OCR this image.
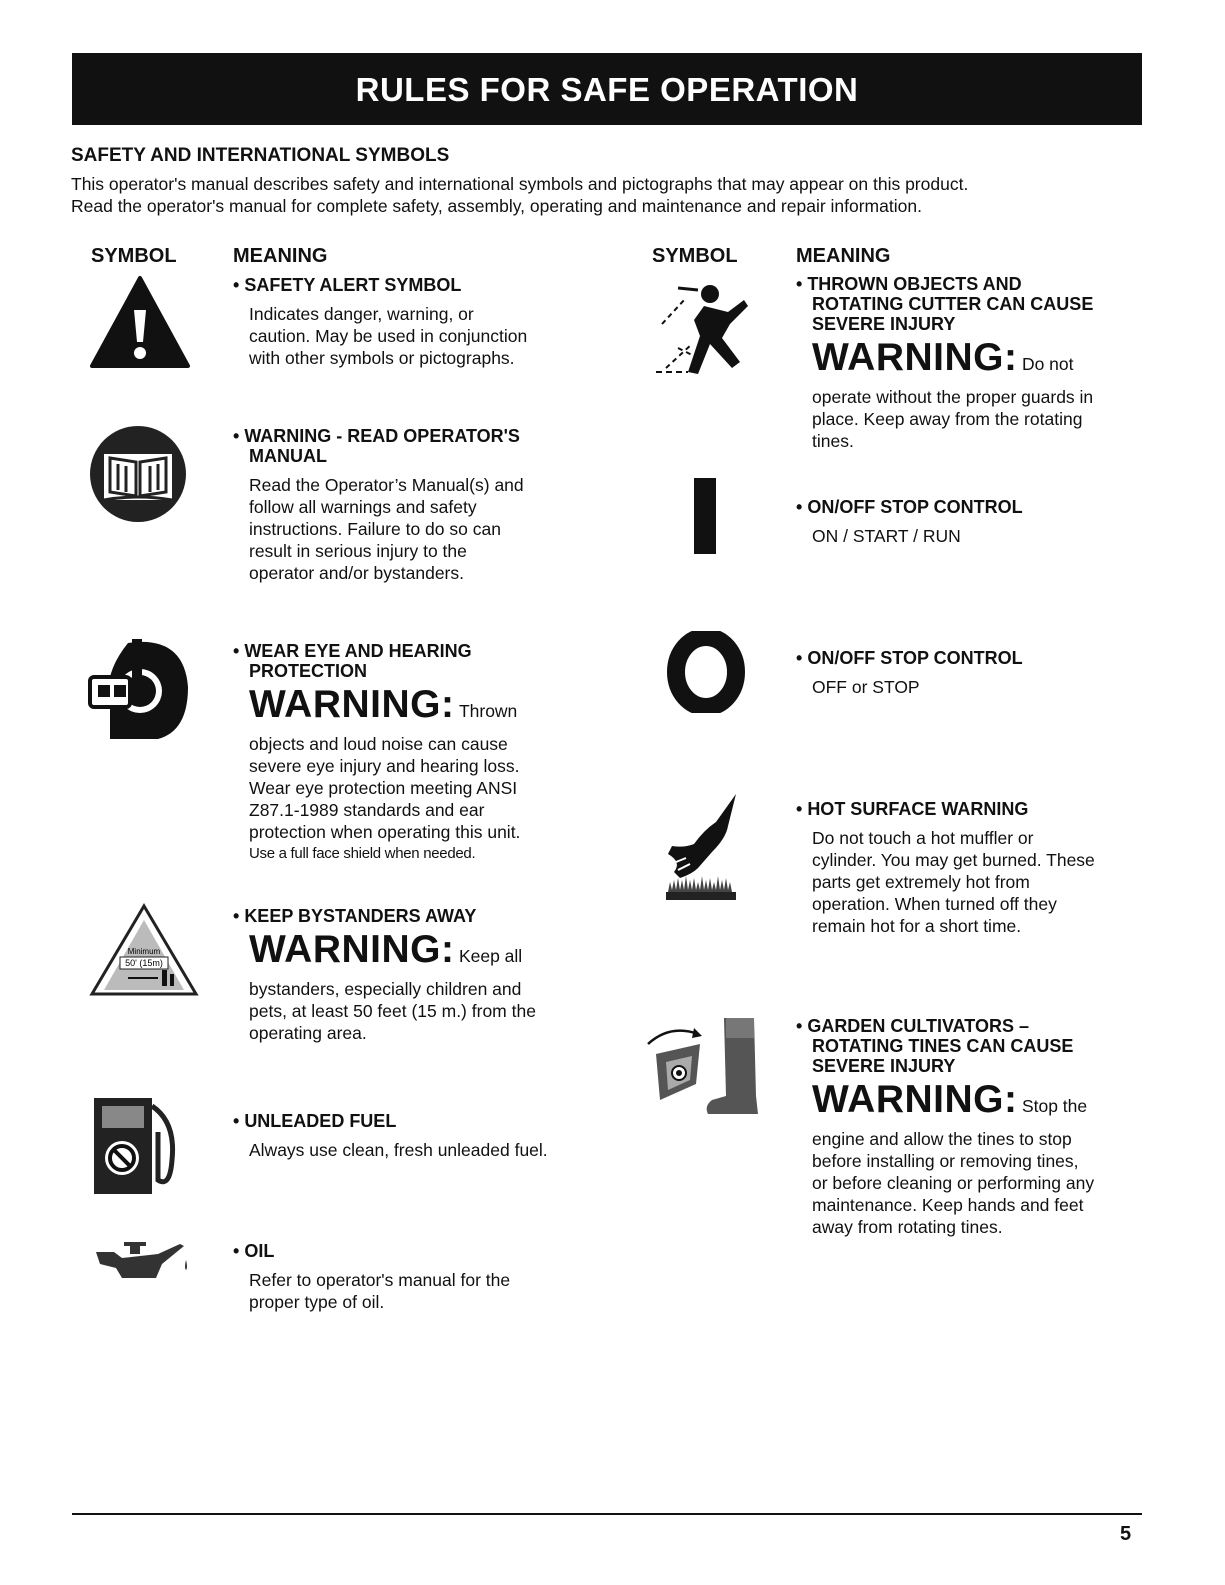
RULES FOR SAFE OPERATION
SAFETY AND INTERNATIONAL SYMBOLS
This operator's manual describes safety and international symbols and pictographs that may appear on this product.
Read the operator's manual for complete safety, assembly, operating and maintenance and repair information.
SYMBOL	MEANING	SYMBOL	MEANING
Minimum
50' (15m)
• SAFETY ALERT SYMBOL
Indicates danger, warning, or
caution. May be used in conjunction
with other symbols or pictographs.
• WARNING - READ OPERATOR'S
MANUAL
Read the Operator’s Manual(s) and
follow all warnings and safety
instructions. Failure to do so can
result in serious injury to the
operator and/or bystanders.
• WEAR EYE AND HEARING
PROTECTION
WARNING: Thrown
objects and loud noise can cause
severe eye injury and hearing loss.
Wear eye protection meeting ANSI
Z87.1-1989 standards and ear
protection when operating this unit.
Use a full face shield when needed.
• KEEP BYSTANDERS AWAY
WARNING: Keep all
bystanders, especially children and
pets, at least 50 feet (15 m.) from the
operating area.
• UNLEADED FUEL
Always use clean, fresh unleaded fuel.
• OIL
Refer to operator's manual for the
proper type of oil.
• THROWN OBJECTS AND
ROTATING CUTTER CAN CAUSE
SEVERE INJURY
WARNING: Do not
operate without the proper guards in
place. Keep away from the rotating
tines.
• ON/OFF STOP CONTROL
ON / START / RUN
• ON/OFF STOP CONTROL
OFF or STOP
• HOT SURFACE WARNING
Do not touch a hot muffler or
cylinder. You may get burned. These
parts get extremely hot from
operation. When turned off they
remain hot for a short time.
• GARDEN CULTIVATORS –
ROTATING TINES CAN CAUSE
SEVERE INJURY
WARNING: Stop the
engine and allow the tines to stop
before installing or removing tines,
or before cleaning or performing any
maintenance. Keep hands and feet
away from rotating tines.
5
